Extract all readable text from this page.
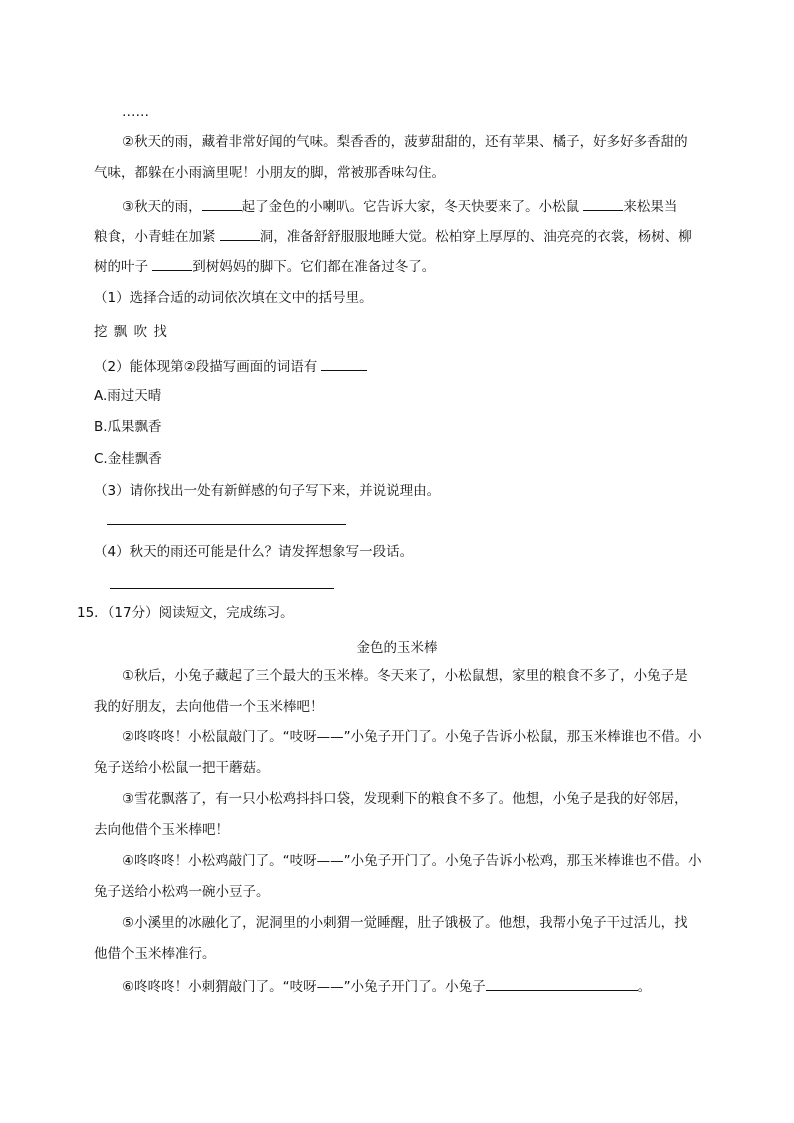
……
②秋天的雨，藏着非常好闻的气味。梨香香的，菠萝甜甜的，还有苹果、橘子，好多好多香甜的
气味，都躲在小雨滴里呢！小朋友的脚，常被那香味勾住。
③秋天的雨，	起了金色的小喇叭。它告诉大家，冬天快要来了。小松鼠	来松果当
粮食，小青蛙在加紧	洞，准备舒舒服服地睡大觉。松柏穿上厚厚的、油亮亮的衣裳，杨树、柳
树的叶子	到树妈妈的脚下。它们都在准备过冬了。
（1）选择合适的动词依次填在文中的括号里。
挖 飘 吹 找
（2）能体现第②段描写画面的词语有
A.雨过天晴
B.瓜果飘香
C.金桂飘香
（3）请你找出一处有新鲜感的句子写下来，并说说理由。
（4）秋天的雨还可能是什么？请发挥想象写一段话。
15．（17分）阅读短文，完成练习。
金色的玉米棒
①秋后，小兔子藏起了三个最大的玉米棒。冬天来了，小松鼠想，家里的粮食不多了，小兔子是
我的好朋友，去向他借一个玉米棒吧！
②咚咚咚！小松鼠敲门了。“吱呀——”小兔子开门了。小兔子告诉小松鼠，那玉米棒谁也不借。小
兔子送给小松鼠一把干蘑菇。
③雪花飘落了，有一只小松鸡抖抖口袋，发现剩下的粮食不多了。他想，小兔子是我的好邻居，
去向他借个玉米棒吧！
④咚咚咚！小松鸡敲门了。“吱呀——”小兔子开门了。小兔子告诉小松鸡，那玉米棒谁也不借。小
兔子送给小松鸡一碗小豆子。
⑤小溪里的冰融化了，泥洞里的小刺猬一觉睡醒，肚子饿极了。他想，我帮小兔子干过活儿，找
他借个玉米棒准行。
⑥咚咚咚！小刺猬敲门了。“吱呀——”小兔子开门了。小兔子	。
